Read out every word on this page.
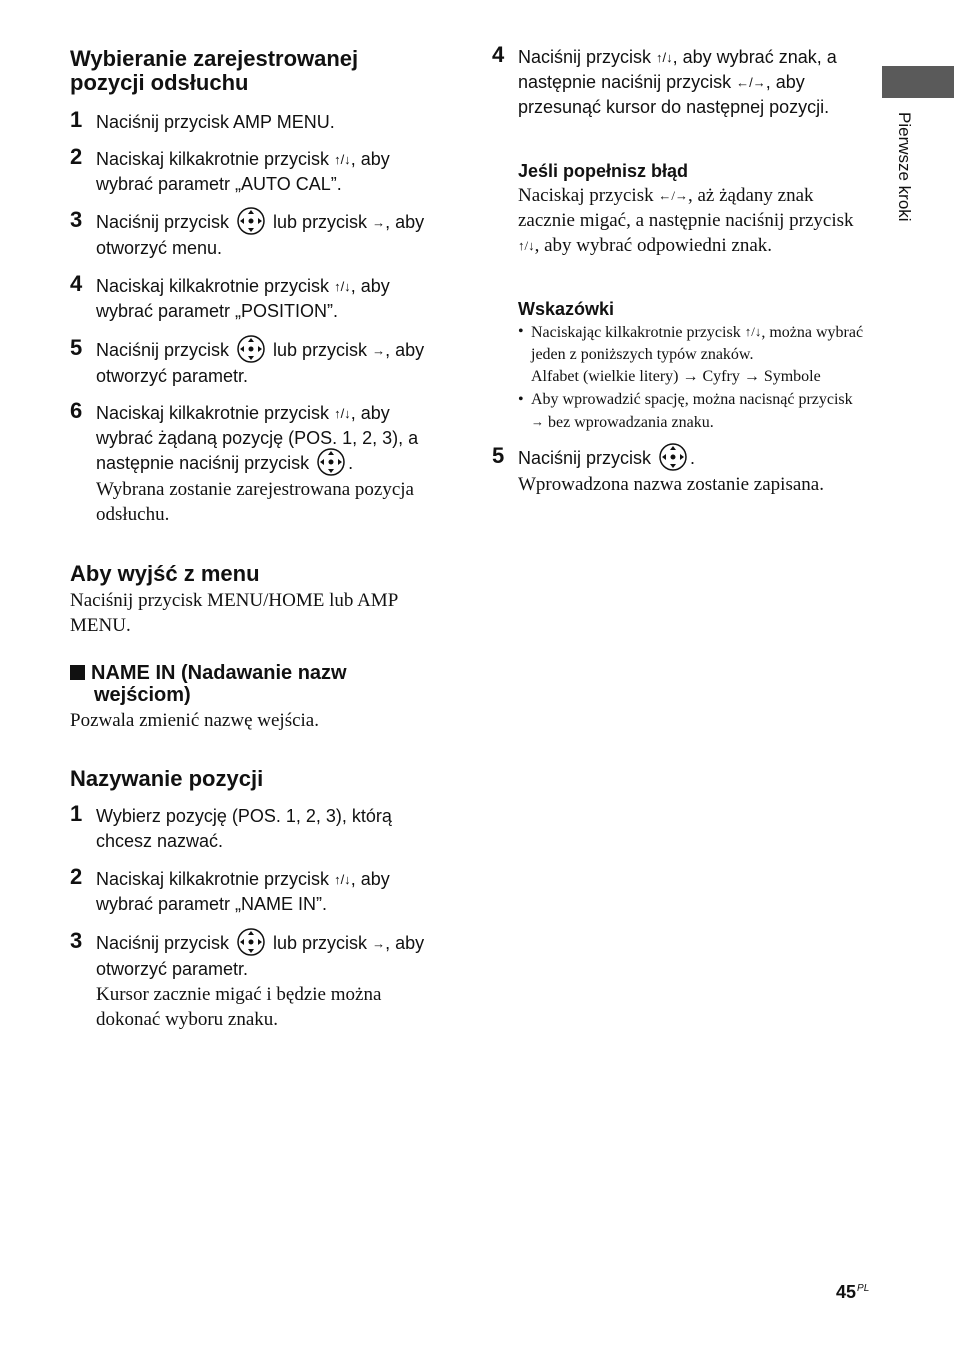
Pierwsze kroki
Wybieranie zarejestrowanej
pozycji odsłuchu
1 Naciśnij przycisk AMP MENU.
2 Naciskaj kilkakrotnie przycisk ↑/↓, aby wybrać parametr „AUTO CAL”.
3 Naciśnij przycisk  lub przycisk →, aby otworzyć menu.
4 Naciskaj kilkakrotnie przycisk ↑/↓, aby wybrać parametr „POSITION”.
5 Naciśnij przycisk  lub przycisk →, aby otworzyć parametr.
6 Naciskaj kilkakrotnie przycisk ↑/↓, aby wybrać żądaną pozycję (POS. 1, 2, 3), a następnie naciśnij przycisk .
Wybrana zostanie zarejestrowana pozycja odsłuchu.
Aby wyjść z menu
Naciśnij przycisk MENU/HOME lub AMP MENU.
NAME IN (Nadawanie nazw
wejściom)
Pozwala zmienić nazwę wejścia.
Nazywanie pozycji
1 Wybierz pozycję (POS. 1, 2, 3), którą chcesz nazwać.
2 Naciskaj kilkakrotnie przycisk ↑/↓, aby wybrać parametr „NAME IN”.
3 Naciśnij przycisk  lub przycisk →, aby otworzyć parametr.
Kursor zacznie migać i będzie można dokonać wyboru znaku.
4 Naciśnij przycisk ↑/↓, aby wybrać znak, a następnie naciśnij przycisk ←/→, aby przesunąć kursor do następnej pozycji.
Jeśli popełnisz błąd
Naciskaj przycisk ←/→, aż żądany znak zacznie migać, a następnie naciśnij przycisk ↑/↓, aby wybrać odpowiedni znak.
Wskazówki
• Naciskając kilkakrotnie przycisk ↑/↓, można wybrać jeden z poniższych typów znaków.
Alfabet (wielkie litery) → Cyfry → Symbole
• Aby wprowadzić spację, można nacisnąć przycisk → bez wprowadzania znaku.
5 Naciśnij przycisk .
Wprowadzona nazwa zostanie zapisana.
$45^{PL}$
